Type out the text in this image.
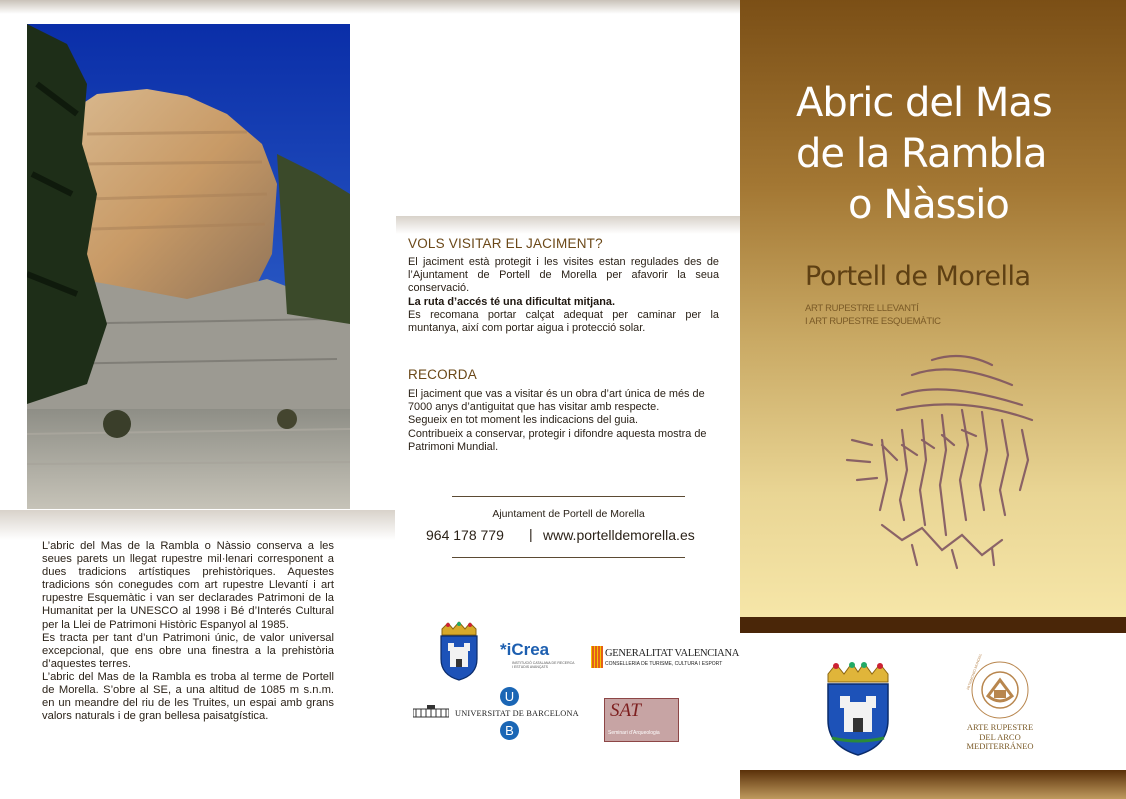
L’abric del Mas de la Rambla o Nàssio conserva a les seues parets un llegat rupestre mil·lenari corresponent a dues tradicions artístiques prehistòriques. Aquestes tradicions són conegudes com art rupestre Llevantí i art rupestre Esquemàtic i van ser declarades Patrimoni de la Humanitat per la UNESCO al 1998 i Bé d’Interés Cultural per la Llei de Patrimoni Històric Espanyol al 1985.

Es tracta per tant d’un Patrimoni únic, de valor universal excepcional, que ens obre una finestra a la prehistòria d’aquestes terres.

L’abric del Mas de la Rambla es troba al terme de Portell de Morella. S’obre al SE, a una altitud de 1085 m s.n.m. en un meandre del riu de les Truites, un espai amb grans valors naturals i de gran bellesa paisatgística.

VOLS VISITAR EL JACIMENT?

El jaciment està protegit i les visites estan regulades des de l’Ajuntament de Portell de Morella per afavorir la seua conservació.

La ruta d’accés té una dificultat mitjana.

Es recomana portar calçat adequat per caminar per la muntanya, així com portar aigua i protecció solar.

RECORDA

El jaciment que vas a visitar és un obra d’art única de més de 7000 anys d’antiguitat que has visitar amb respecte.

Segueix en tot moment les indicacions del guia.

Contribueix a conservar, protegir i difondre aquesta mostra de Patrimoni Mundial.

Ajuntament de Portell de Morella
964 178 779 | www.portelldemorella.es
*iCrea
INSTITUCIÓ CATALANA DE RECERCA I ESTUDIS AVANÇATS
GENERALITAT VALENCIANA
CONSELLERIA DE TURISME, CULTURA I ESPORT
U
B
UNIVERSITAT DE BARCELONA SAT
Seminari d’Arqueologia
Abric del Mas
de la Rambla
o Nàssio
Portell de Morella
ART RUPESTRE LLEVANTÍ
I ART RUPESTRE ESQUEMÀTIC
PATRIMONIO MUNDIAL
ARTE RUPESTRE
DEL ARCO
MEDITERRÁNEO
